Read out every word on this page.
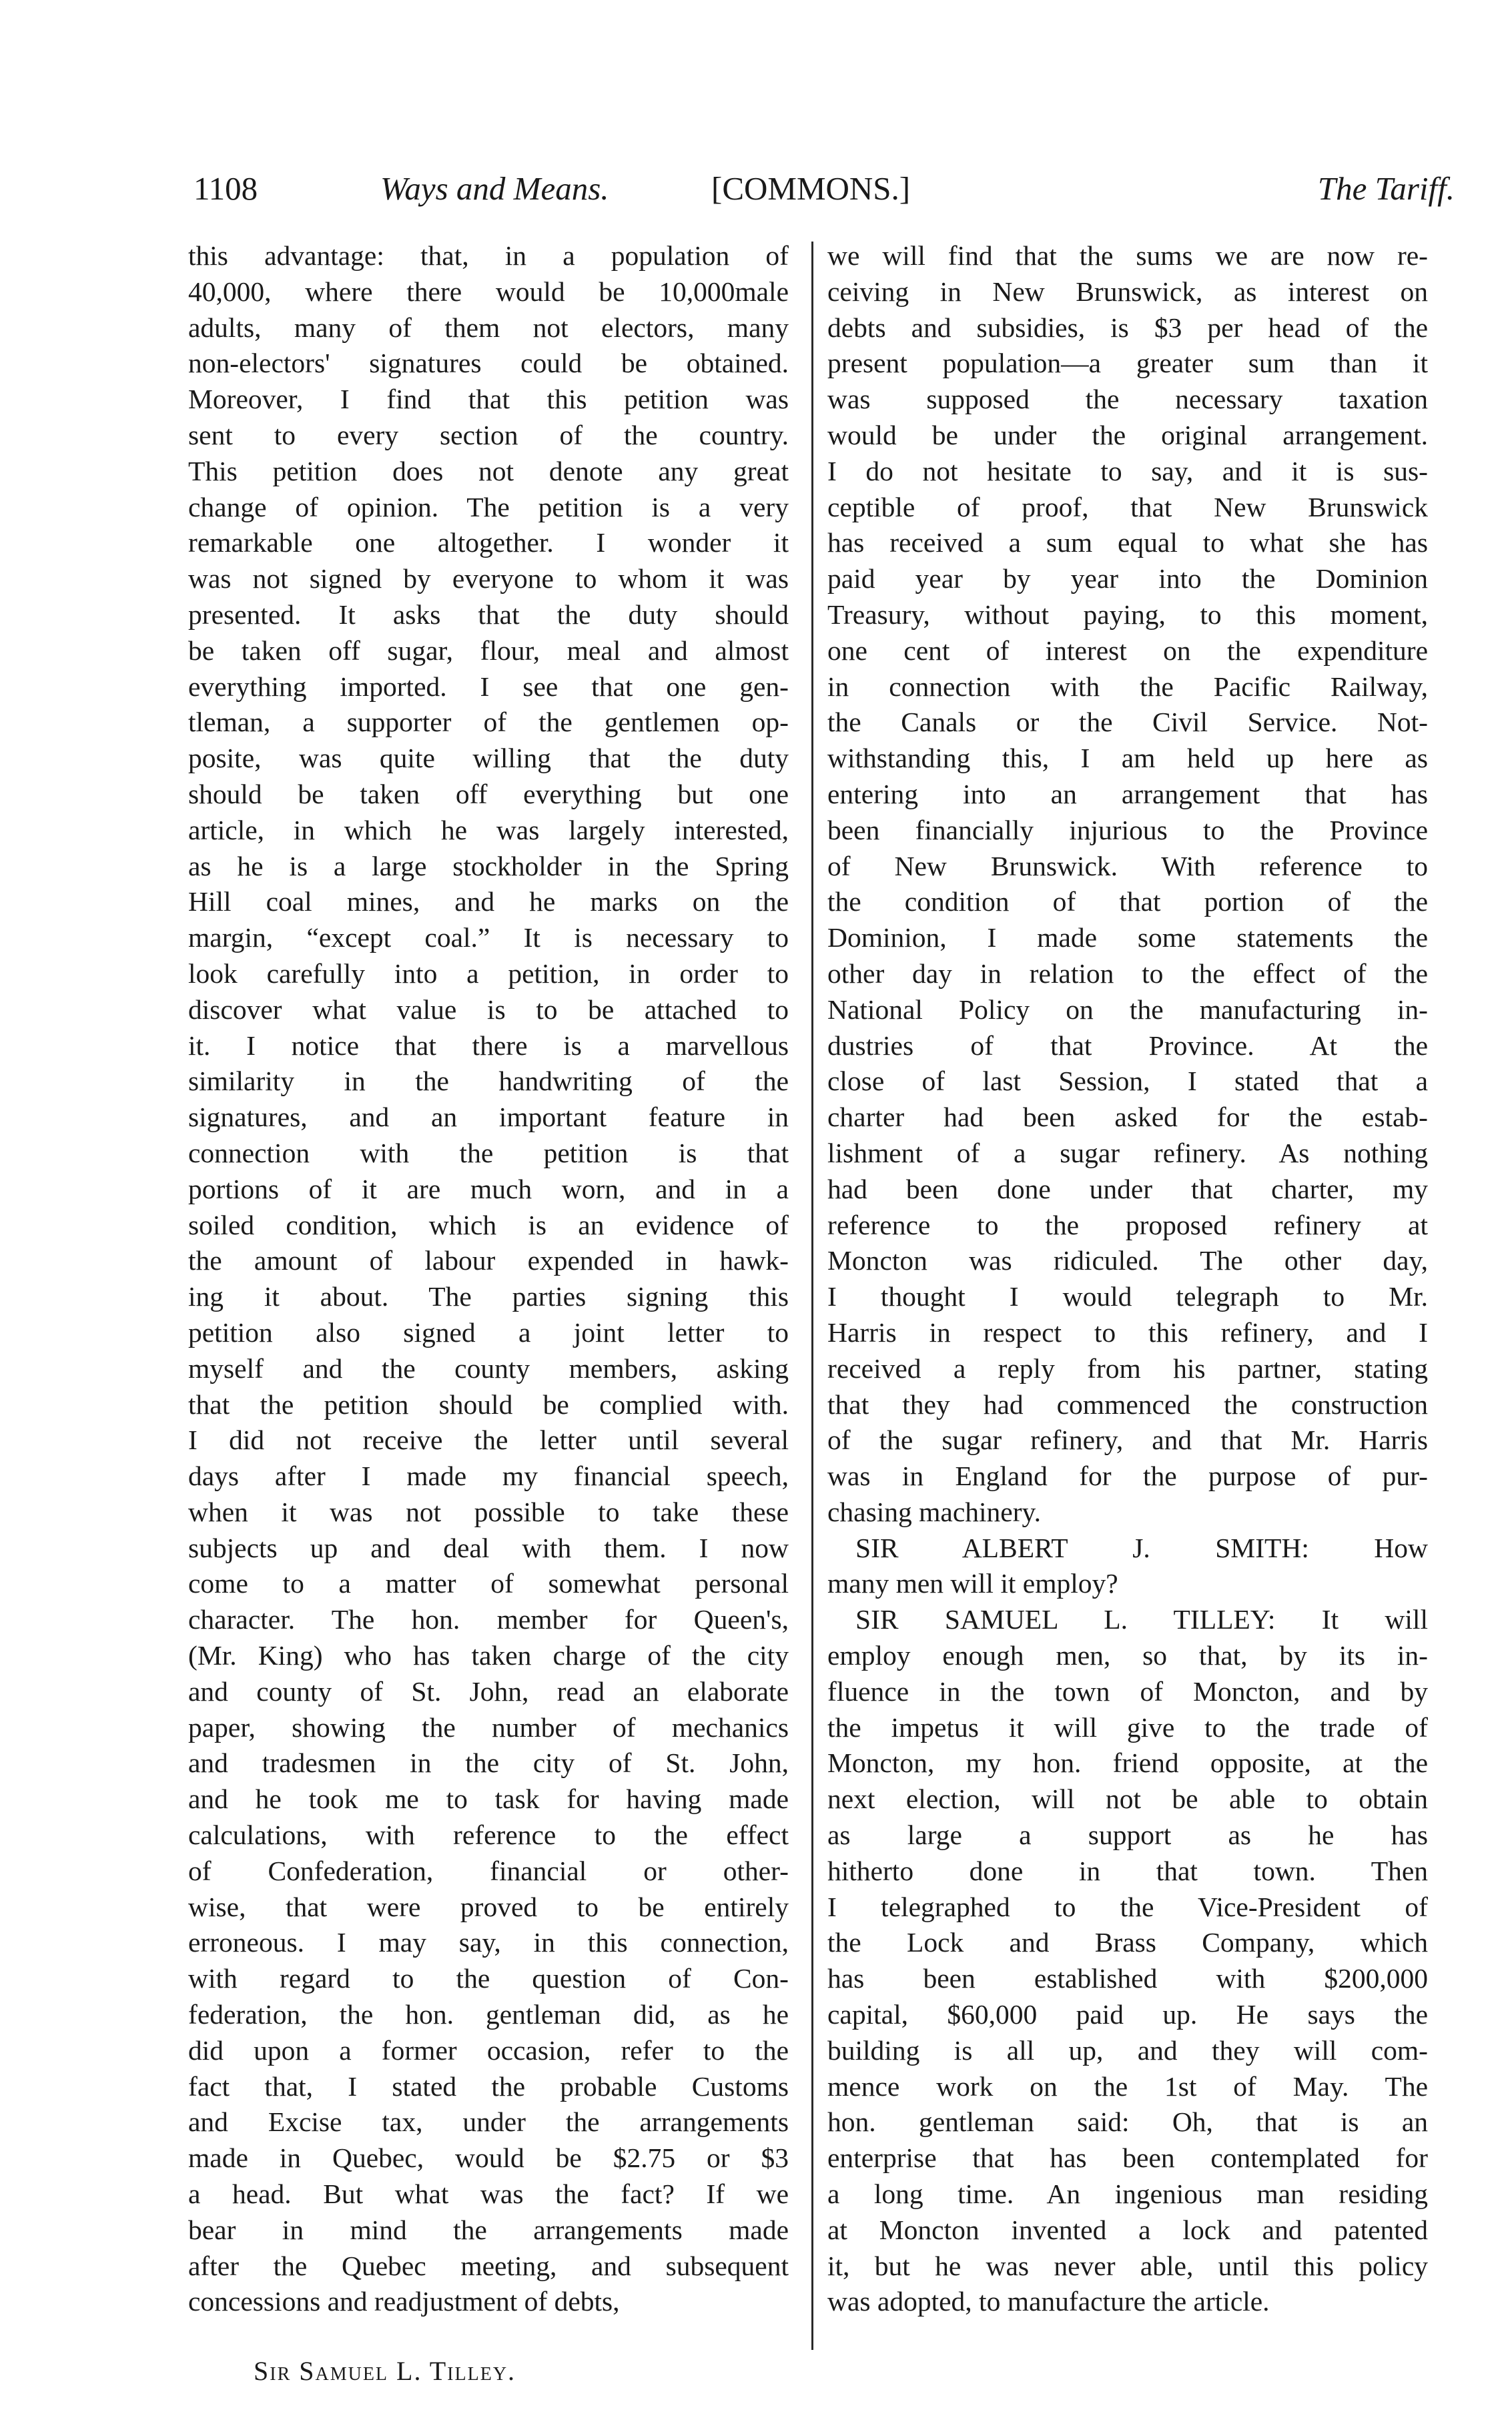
1108	Ways and Means.	[COMMONS.]	The Tariff.

this advantage: that, in a population of
40,000, where there would be 10,000male
adults, many of them not electors, many
non-electors' signatures could be obtained.
Moreover, I find that this petition was
sent to every section of the country.
This petition does not denote any great
change of opinion. The petition is a very
remarkable one altogether. I wonder it
was not signed by everyone to whom it was
presented. It asks that the duty should
be taken off sugar, flour, meal and almost
everything imported. I see that one gen-
tleman, a supporter of the gentlemen op-
posite, was quite willing that the duty
should be taken off everything but one
article, in which he was largely interested,
as he is a large stockholder in the Spring
Hill coal mines, and he marks on the
margin, “except coal.” It is necessary to
look carefully into a petition, in order to
discover what value is to be attached to
it. I notice that there is a marvellous
similarity in the handwriting of the
signatures, and an important feature in
connection with the petition is that
portions of it are much worn, and in a
soiled condition, which is an evidence of
the amount of labour expended in hawk-
ing it about. The parties signing this
petition also signed a joint letter to
myself and the county members, asking
that the petition should be complied with.
I did not receive the letter until several
days after I made my financial speech,
when it was not possible to take these
subjects up and deal with them. I now
come to a matter of somewhat personal
character. The hon. member for Queen's,
(Mr. King) who has taken charge of the city
and county of St. John, read an elaborate
paper, showing the number of mechanics
and tradesmen in the city of St. John,
and he took me to task for having made
calculations, with reference to the effect
of Confederation, financial or other-
wise, that were proved to be entirely
erroneous. I may say, in this connection,
with regard to the question of Con-
federation, the hon. gentleman did, as he
did upon a former occasion, refer to the
fact that, I stated the probable Customs
and Excise tax, under the arrangements
made in Quebec, would be $2.75 or $3
a head. But what was the fact? If we
bear in mind the arrangements made
after the Quebec meeting, and subsequent
concessions and readjustment of debts,

we will find that the sums we are now re-
ceiving in New Brunswick, as interest on
debts and subsidies, is $3 per head of the
present population—a greater sum than it
was supposed the necessary taxation
would be under the original arrangement.
I do not hesitate to say, and it is sus-
ceptible of proof, that New Brunswick
has received a sum equal to what she has
paid year by year into the Dominion
Treasury, without paying, to this moment,
one cent of interest on the expenditure
in connection with the Pacific Railway,
the Canals or the Civil Service. Not-
withstanding this, I am held up here as
entering into an arrangement that has
been financially injurious to the Province
of New Brunswick. With reference to
the condition of that portion of the
Dominion, I made some statements the
other day in relation to the effect of the
National Policy on the manufacturing in-
dustries of that Province. At the
close of last Session, I stated that a
charter had been asked for the estab-
lishment of a sugar refinery. As nothing
had been done under that charter, my
reference to the proposed refinery at
Moncton was ridiculed. The other day,
I thought I would telegraph to Mr.
Harris in respect to this refinery, and I
received a reply from his partner, stating
that they had commenced the construction
of the sugar refinery, and that Mr. Harris
was in England for the purpose of pur-
chasing machinery.

SIR ALBERT J. SMITH: How
many men will it employ?

SIR SAMUEL L. TILLEY: It will
employ enough men, so that, by its in-
fluence in the town of Moncton, and by
the impetus it will give to the trade of
Moncton, my hon. friend opposite, at the
next election, will not be able to obtain
as large a support as he has
hitherto done in that town. Then
I telegraphed to the Vice-President of
the Lock and Brass Company, which
has been established with $200,000
capital, $60,000 paid up. He says the
building is all up, and they will com-
mence work on the 1st of May. The
hon. gentleman said: Oh, that is an
enterprise that has been contemplated for
a long time. An ingenious man residing
at Moncton invented a lock and patented
it, but he was never able, until this policy
was adopted, to manufacture the article.

Sir Samuel L. Tilley.
